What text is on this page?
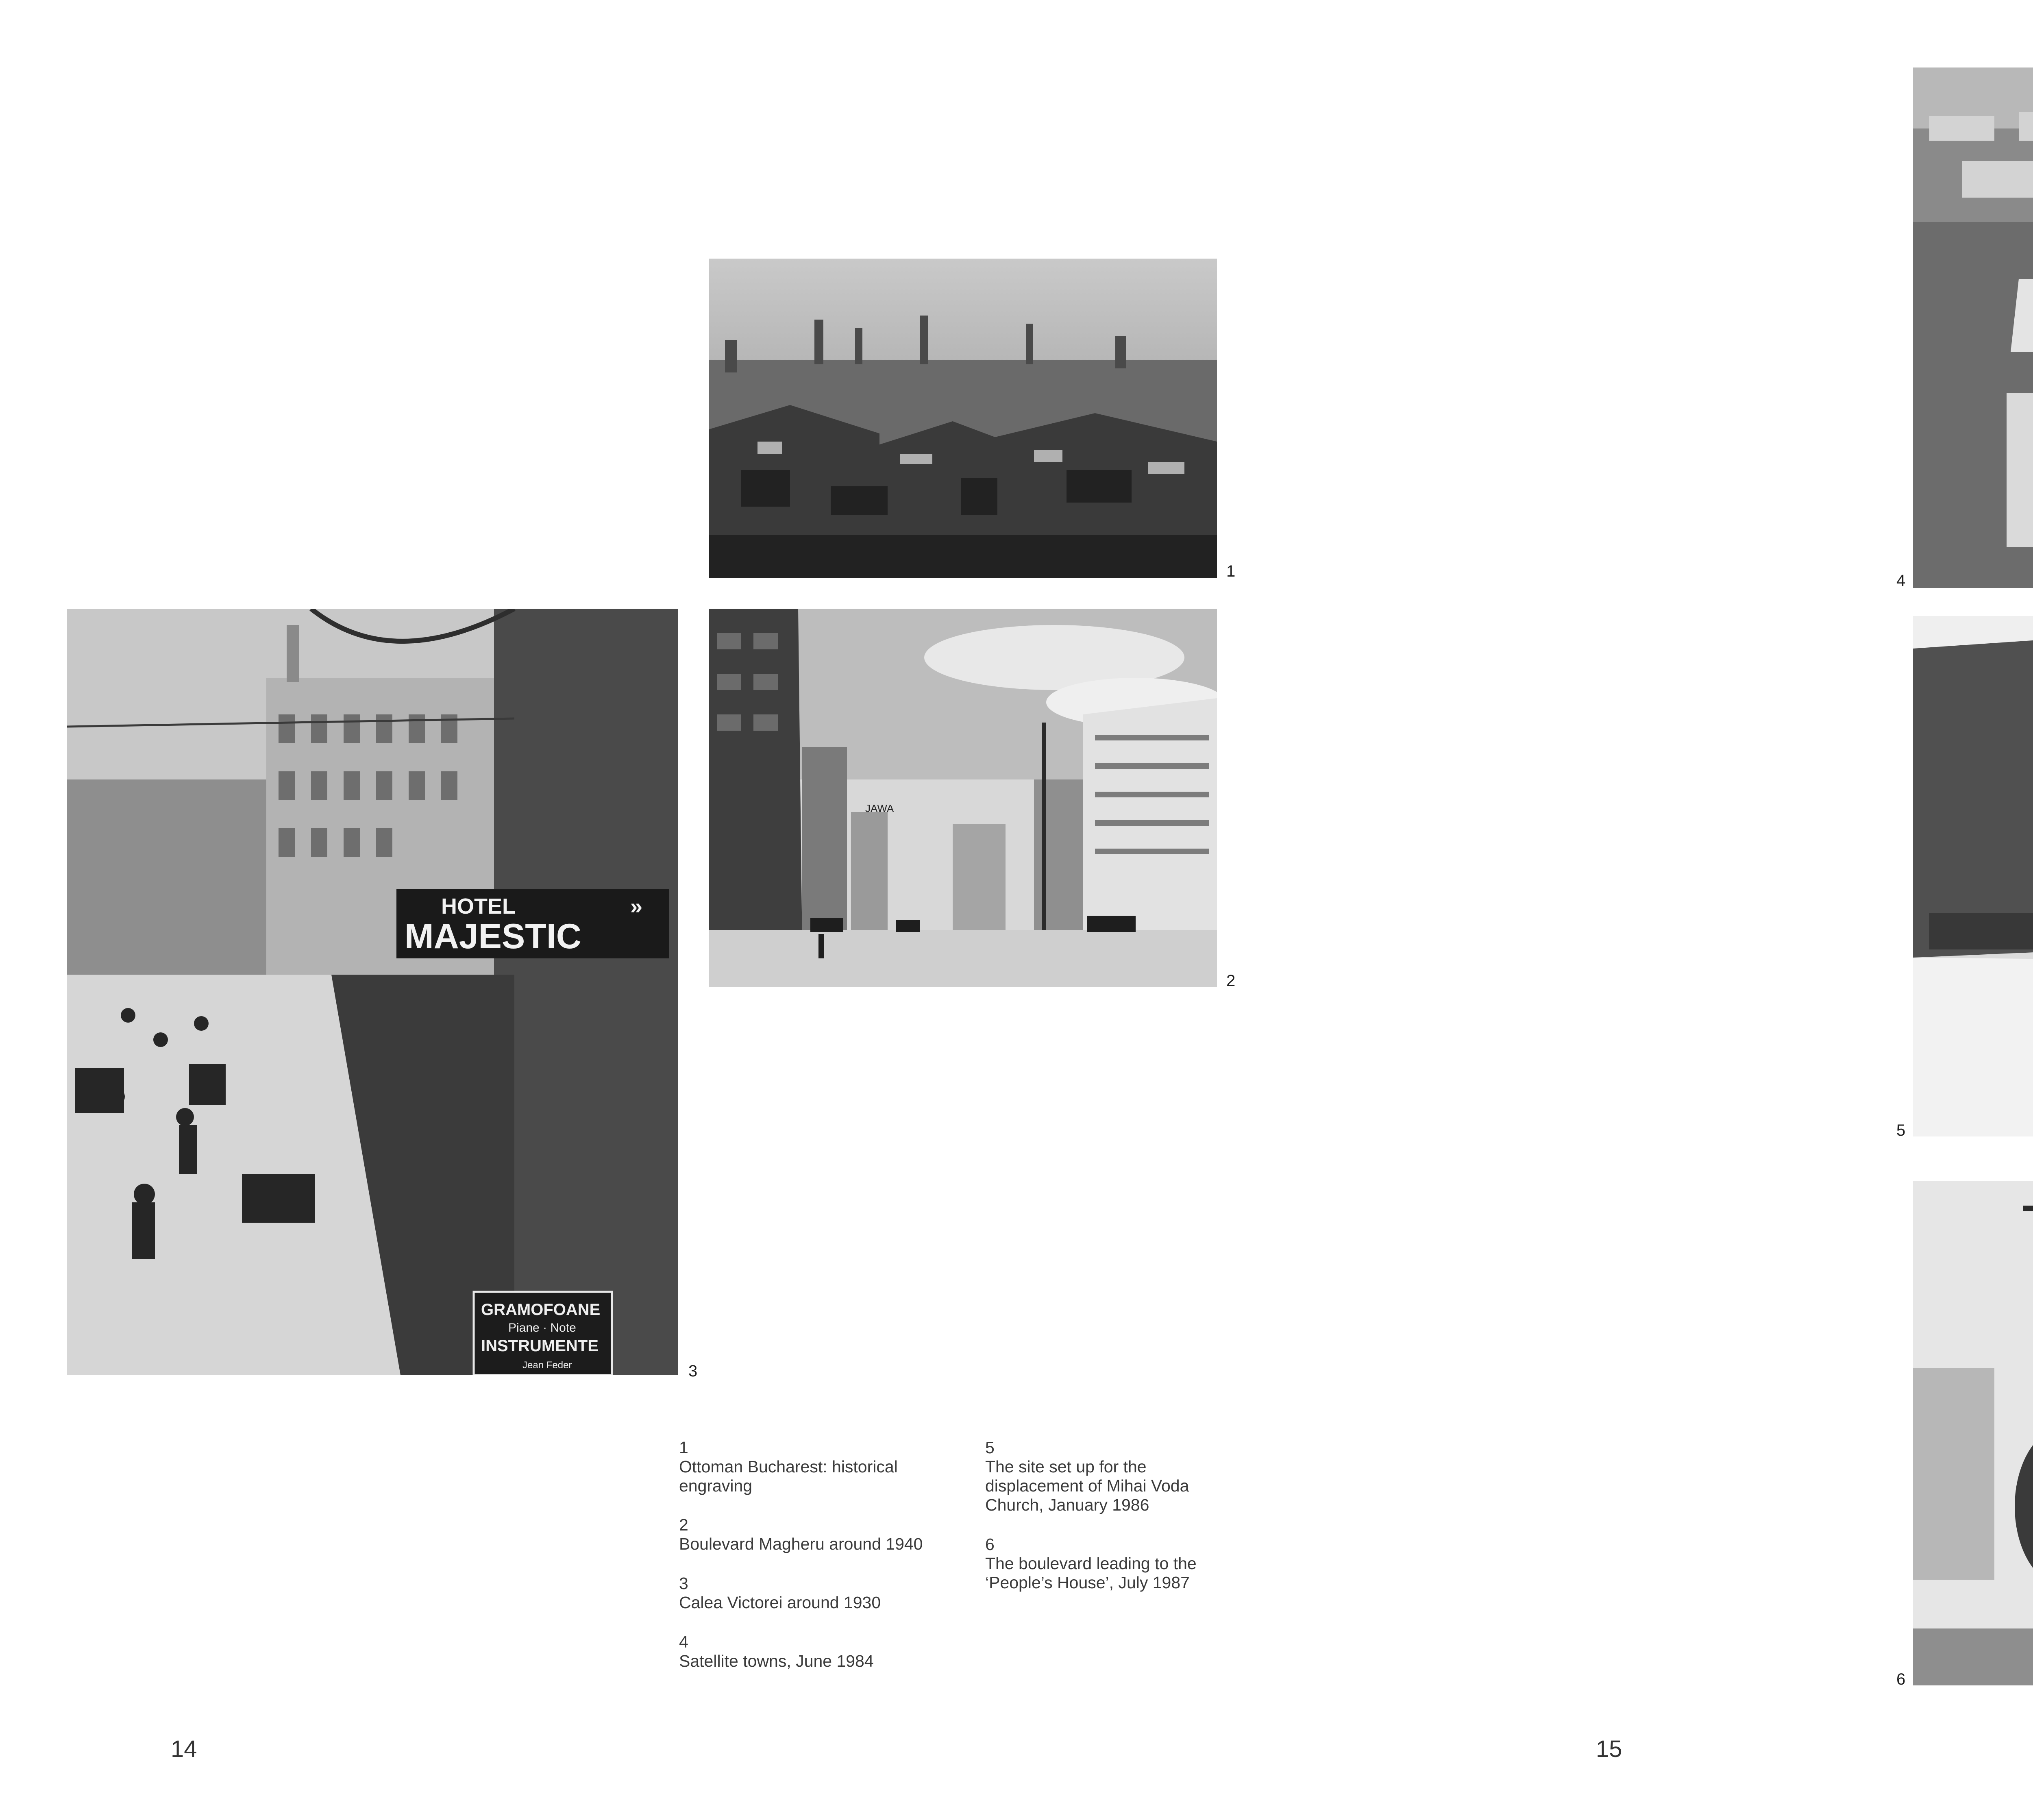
1
JAWA
2
HOTEL	»
MAJESTIC
GRAMOFOANE
Piane · Note
INSTRUMENTE
Jean Feder	3
4
5
6
1
Ottoman Bucharest: historical engraving
2
Boulevard Magheru around 1940
3
Calea Victorei around 1930
4
Satellite towns, June 1984
5
The site set up for the displacement of Mihai Voda Church, January 1986
6
The boulevard leading to the ‘People’s House’, July 1987
14	15
